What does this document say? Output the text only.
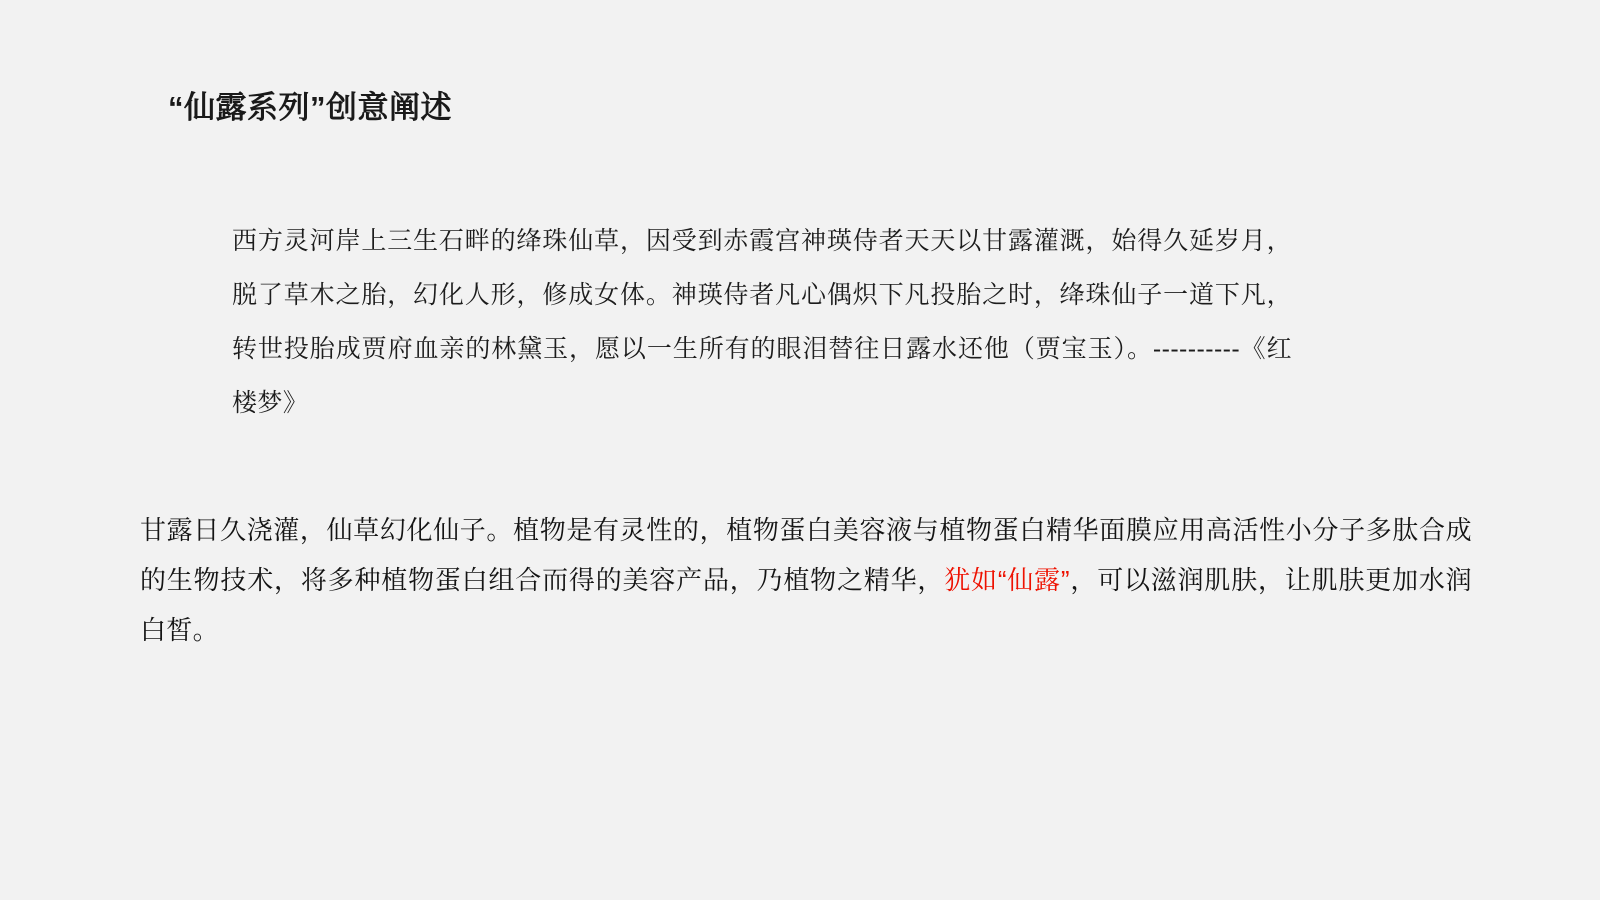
“仙露系列”创意阐述
西方灵河岸上三生石畔的绛珠仙草，因受到赤霞宫神瑛侍者天天以甘露灌溉，始得久延岁月，脱了草木之胎，幻化人形，修成女体。神瑛侍者凡心偶炽下凡投胎之时，绛珠仙子一道下凡，转世投胎成贾府血亲的林黛玉，愿以一生所有的眼泪替往日露水还他（贾宝玉）。----------《红楼梦》
甘露日久浇灌，仙草幻化仙子。植物是有灵性的，植物蛋白美容液与植物蛋白精华面膜应用高活性小分子多肽合成的生物技术，将多种植物蛋白组合而得的美容产品，乃植物之精华，犹如“仙露”，可以滋润肌肤，让肌肤更加水润白皙。
